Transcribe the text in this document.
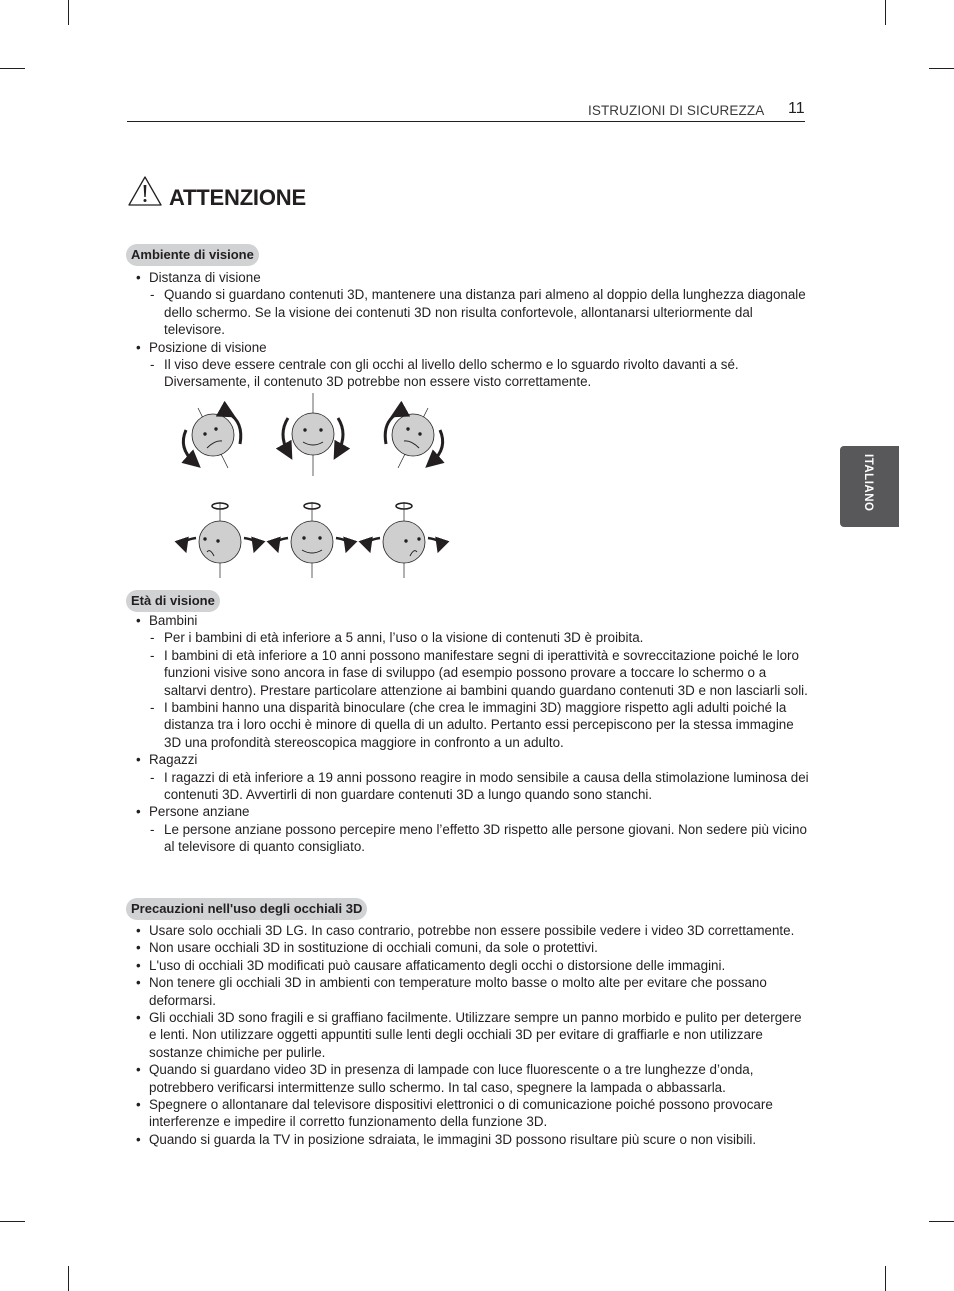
ISTRUZIONI DI SICUREZZA 11
ITALIANO
ATTENZIONE
Ambiente di visione
• Distanza di visione
- Quando si guardano contenuti 3D, mantenere una distanza pari almeno al doppio della lunghezza diagonale dello schermo. Se la visione dei contenuti 3D non risulta confortevole, allontanarsi ulteriormente dal televisore.
• Posizione di visione
- Il viso deve essere centrale con gli occhi al livello dello schermo e lo sguardo rivolto davanti a sé. Diversamente, il contenuto 3D potrebbe non essere visto correttamente.
Età di visione
• Bambini
- Per i bambini di età inferiore a 5 anni, l’uso o la visione di contenuti 3D è proibita.
- I bambini di età inferiore a 10 anni possono manifestare segni di iperattività e sovreccitazione poiché le loro funzioni visive sono ancora in fase di sviluppo (ad esempio possono provare a toccare lo schermo o a saltarvi dentro). Prestare particolare attenzione ai bambini quando guardano contenuti 3D e non lasciarli soli.
- I bambini hanno una disparità binoculare (che crea le immagini 3D) maggiore rispetto agli adulti poiché la distanza tra i loro occhi è minore di quella di un adulto. Pertanto essi percepiscono per la stessa immagine 3D una profondità stereoscopica maggiore in confronto a un adulto.
• Ragazzi
- I ragazzi di età inferiore a 19 anni possono reagire in modo sensibile a causa della stimolazione luminosa dei contenuti 3D. Avvertirli di non guardare contenuti 3D a lungo quando sono stanchi.
• Persone anziane
- Le persone anziane possono percepire meno l’effetto 3D rispetto alle persone giovani. Non sedere più vicino al televisore di quanto consigliato.
Precauzioni nell'uso degli occhiali 3D
• Usare solo occhiali 3D LG. In caso contrario, potrebbe non essere possibile vedere i video 3D correttamente.
• Non usare occhiali 3D in sostituzione di occhiali comuni, da sole o protettivi.
• L'uso di occhiali 3D modificati può causare affaticamento degli occhi o distorsione delle immagini.
• Non tenere gli occhiali 3D in ambienti con temperature molto basse o molto alte per evitare che possano deformarsi.
• Gli occhiali 3D sono fragili e si graffiano facilmente. Utilizzare sempre un panno morbido e pulito per detergere e lenti. Non utilizzare oggetti appuntiti sulle lenti degli occhiali 3D per evitare di graffiarle e non utilizzare sostanze chimiche per pulirle.
• Quando si guardano video 3D in presenza di lampade con luce fluorescente o a tre lunghezze d’onda, potrebbero verificarsi intermittenze sullo schermo. In tal caso, spegnere la lampada o abbassarla.
• Spegnere o allontanare dal televisore dispositivi elettronici o di comunicazione poiché possono provocare interferenze e impedire il corretto funzionamento della funzione 3D.
• Quando si guarda la TV in posizione sdraiata, le immagini 3D possono risultare più scure o non visibili.
